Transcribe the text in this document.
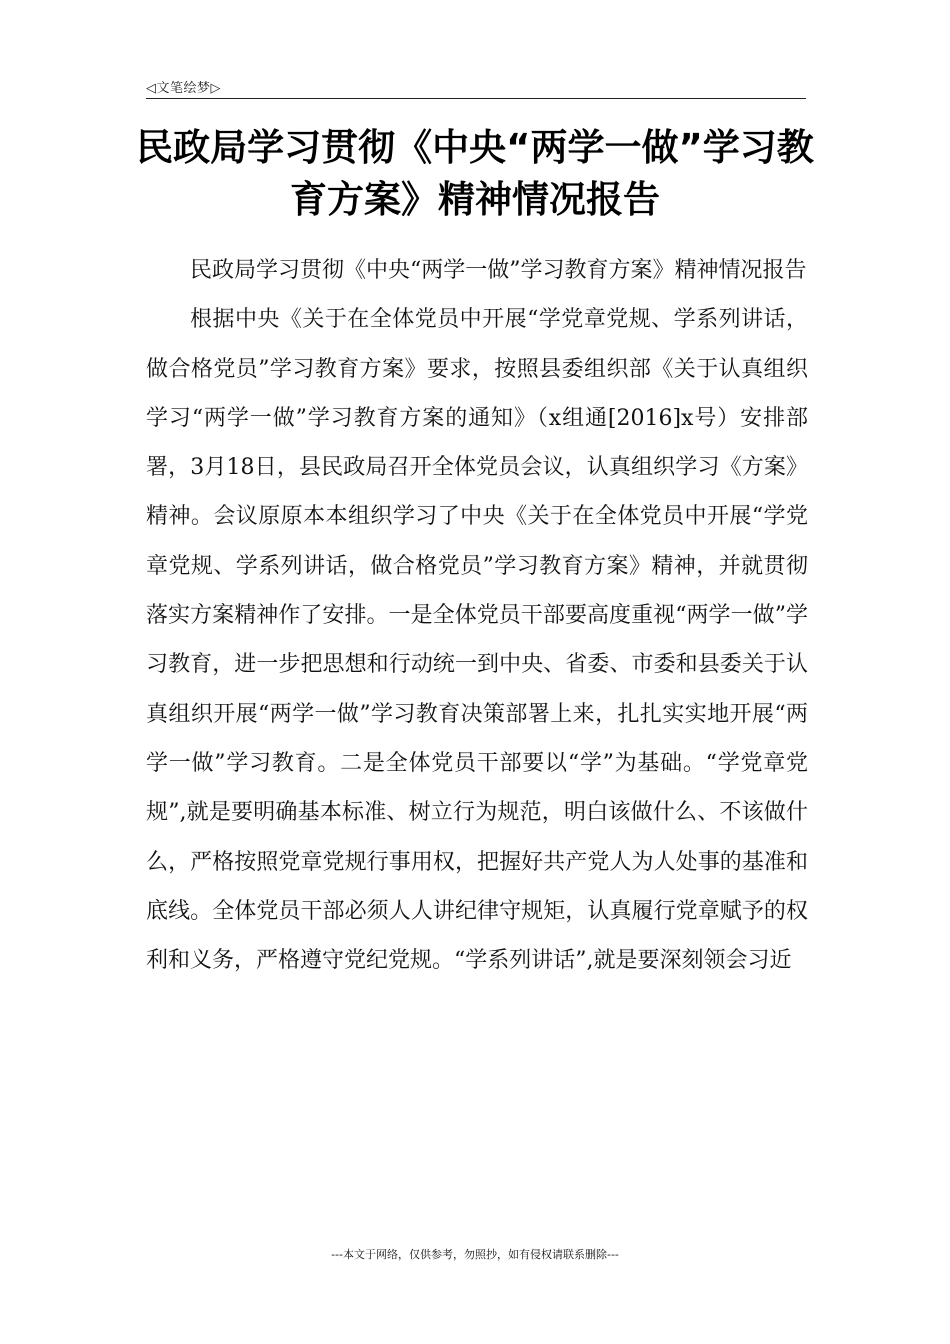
◁文笔绘梦▷
民政局学习贯彻《中央“两学一做”学习教育方案》精神情况报告

民政局学习贯彻《中央“两学一做”学习教育方案》精神情况报告

根据中央《关于在全体党员中开展“学党章党规、学系列讲话，做合格党员”学习教育方案》要求，按照县委组织部《关于认真组织学习“两学一做”学习教育方案的通知》（x组通[2016]x号）安排部署，3月18日，县民政局召开全体党员会议，认真组织学习《方案》精神。会议原原本本组织学习了中央《关于在全体党员中开展“学党章党规、学系列讲话，做合格党员”学习教育方案》精神，并就贯彻落实方案精神作了安排。一是全体党员干部要高度重视“两学一做”学习教育，进一步把思想和行动统一到中央、省委、市委和县委关于认真组织开展“两学一做”学习教育决策部署上来，扎扎实实地开展“两学一做”学习教育。二是全体党员干部要以“学”为基础。“学党章党规”,就是要明确基本标准、树立行为规范，明白该做什么、不该做什么，严格按照党章党规行事用权，把握好共产党人为人处事的基准和底线。全体党员干部必须人人讲纪律守规矩，认真履行党章赋予的权利和义务，严格遵守党纪党规。“学系列讲话”,就是要深刻领会习近

---本文于网络，仅供参考，勿照抄，如有侵权请联系删除---
